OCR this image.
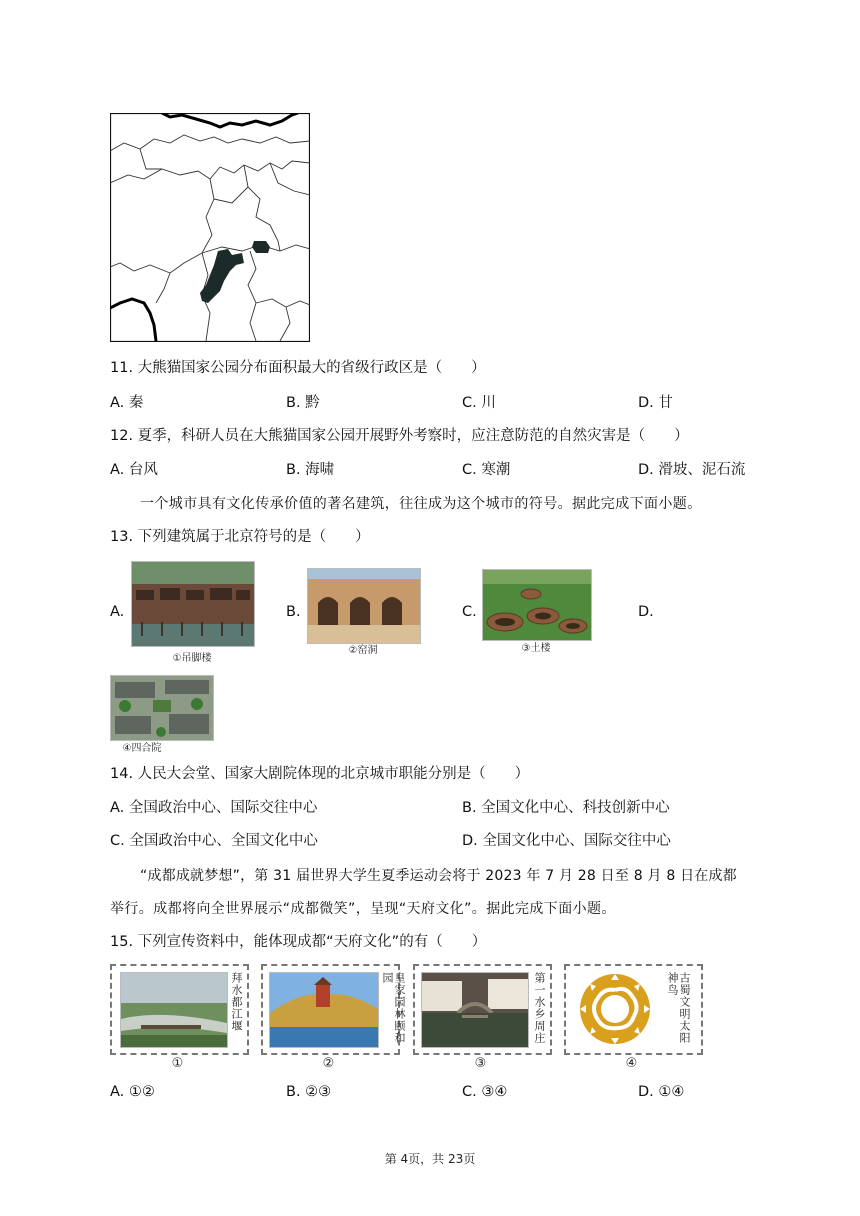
11. 大熊猫国家公园分布面积最大的省级行政区是（　　）
A. 秦	B. 黔	C. 川	D. 甘
12. 夏季，科研人员在大熊猫国家公园开展野外考察时，应注意防范的自然灾害是（　　）
A. 台风	B. 海啸	C. 寒潮	D. 滑坡、泥石流
一个城市具有文化传承价值的著名建筑，往往成为这个城市的符号。据此完成下面小题。
13. 下列建筑属于北京符号的是（　　）
A.
①吊脚楼
B.
②窑洞
C.
③土楼
D.
④四合院
14. 人民大会堂、国家大剧院体现的北京城市职能分别是（　　）
A. 全国政治中心、国际交往中心	B. 全国文化中心、科技创新中心
C. 全国政治中心、全国文化中心	D. 全国文化中心、国际交往中心
“成都成就梦想”，第 31 届世界大学生夏季运动会将于 2023 年 7 月 28 日至 8 月 8 日在成都
举行。成都将向全世界展示“成都微笑”，呈现“天府文化”。据此完成下面小题。
15. 下列宣传资料中，能体现成都“天府文化”的有（　　）
拜水都江堰
①
皇家园林颐和园
②
第一水乡周庄
③
古蜀文明太阳神鸟
④
A. ①②	B. ②③	C. ③④	D. ①④
第 4页，共 23页
